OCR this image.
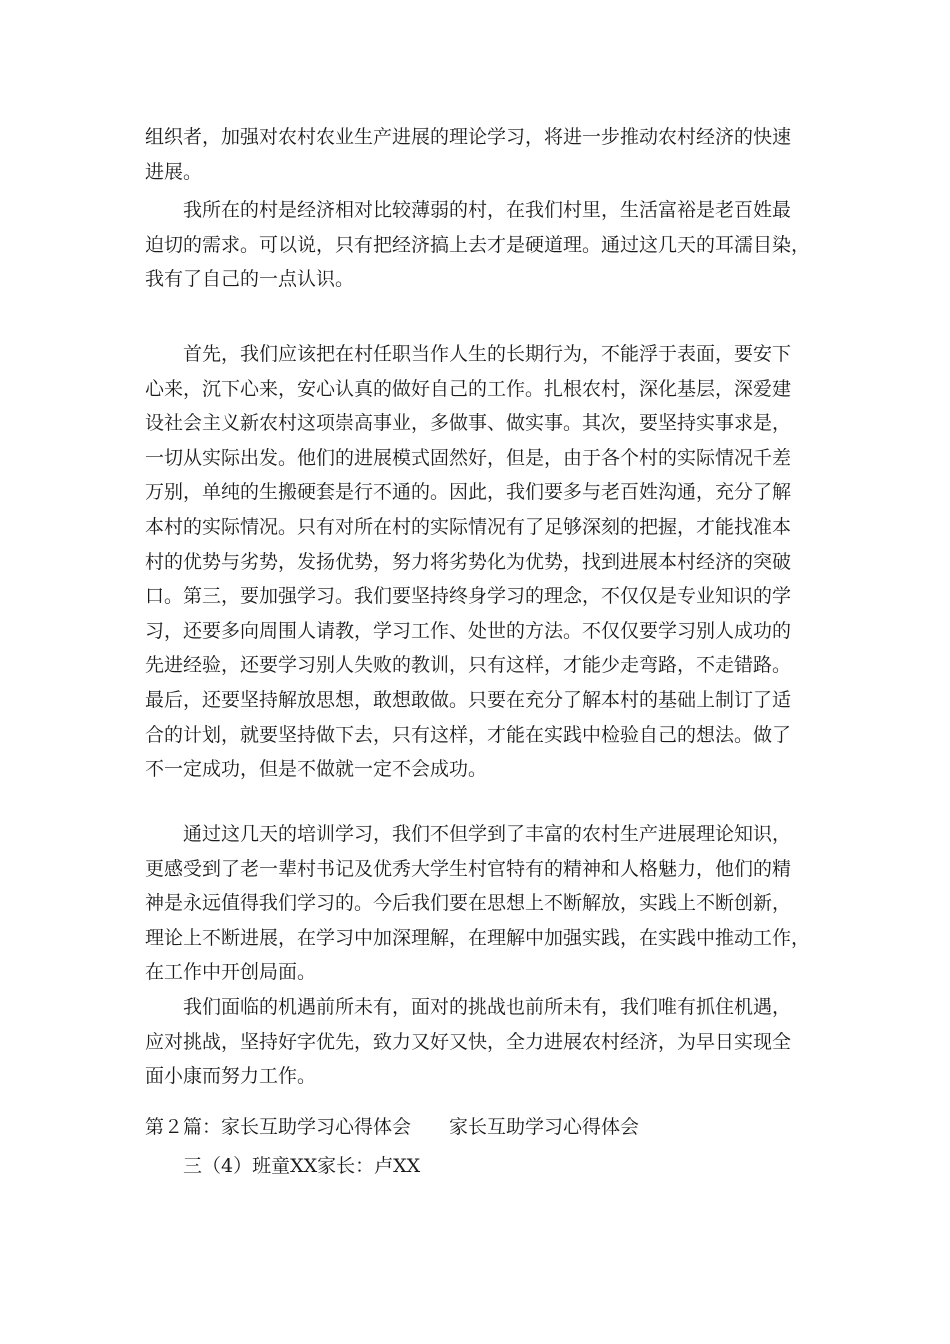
组织者，加强对农村农业生产进展的理论学习，将进一步推动农村经济的快速
进展。
　　我所在的村是经济相对比较薄弱的村，在我们村里，生活富裕是老百姓最
迫切的需求。可以说，只有把经济搞上去才是硬道理。通过这几天的耳濡目染，
我有了自己的一点认识。
　　首先，我们应该把在村任职当作人生的长期行为，不能浮于表面，要安下
心来，沉下心来，安心认真的做好自己的工作。扎根农村，深化基层，深爱建
设社会主义新农村这项崇高事业，多做事、做实事。其次，要坚持实事求是，
一切从实际出发。他们的进展模式固然好，但是，由于各个村的实际情况千差
万别，单纯的生搬硬套是行不通的。因此，我们要多与老百姓沟通，充分了解
本村的实际情况。只有对所在村的实际情况有了足够深刻的把握，才能找准本
村的优势与劣势，发扬优势，努力将劣势化为优势，找到进展本村经济的突破
口。第三，要加强学习。我们要坚持终身学习的理念，不仅仅是专业知识的学
习，还要多向周围人请教，学习工作、处世的方法。不仅仅要学习别人成功的
先进经验，还要学习别人失败的教训，只有这样，才能少走弯路，不走错路。
最后，还要坚持解放思想，敢想敢做。只要在充分了解本村的基础上制订了适
合的计划，就要坚持做下去，只有这样，才能在实践中检验自己的想法。做了
不一定成功，但是不做就一定不会成功。
　　通过这几天的培训学习，我们不但学到了丰富的农村生产进展理论知识，
更感受到了老一辈村书记及优秀大学生村官特有的精神和人格魅力，他们的精
神是永远值得我们学习的。今后我们要在思想上不断解放，实践上不断创新，
理论上不断进展，在学习中加深理解，在理解中加强实践，在实践中推动工作，
在工作中开创局面。
　　我们面临的机遇前所未有，面对的挑战也前所未有，我们唯有抓住机遇，
应对挑战，坚持好字优先，致力又好又快，全力进展农村经济，为早日实现全
面小康而努力工作。
第２篇：家长互助学习心得体会　　家长互助学习心得体会
　　三（4）班童XX家长：卢XX
